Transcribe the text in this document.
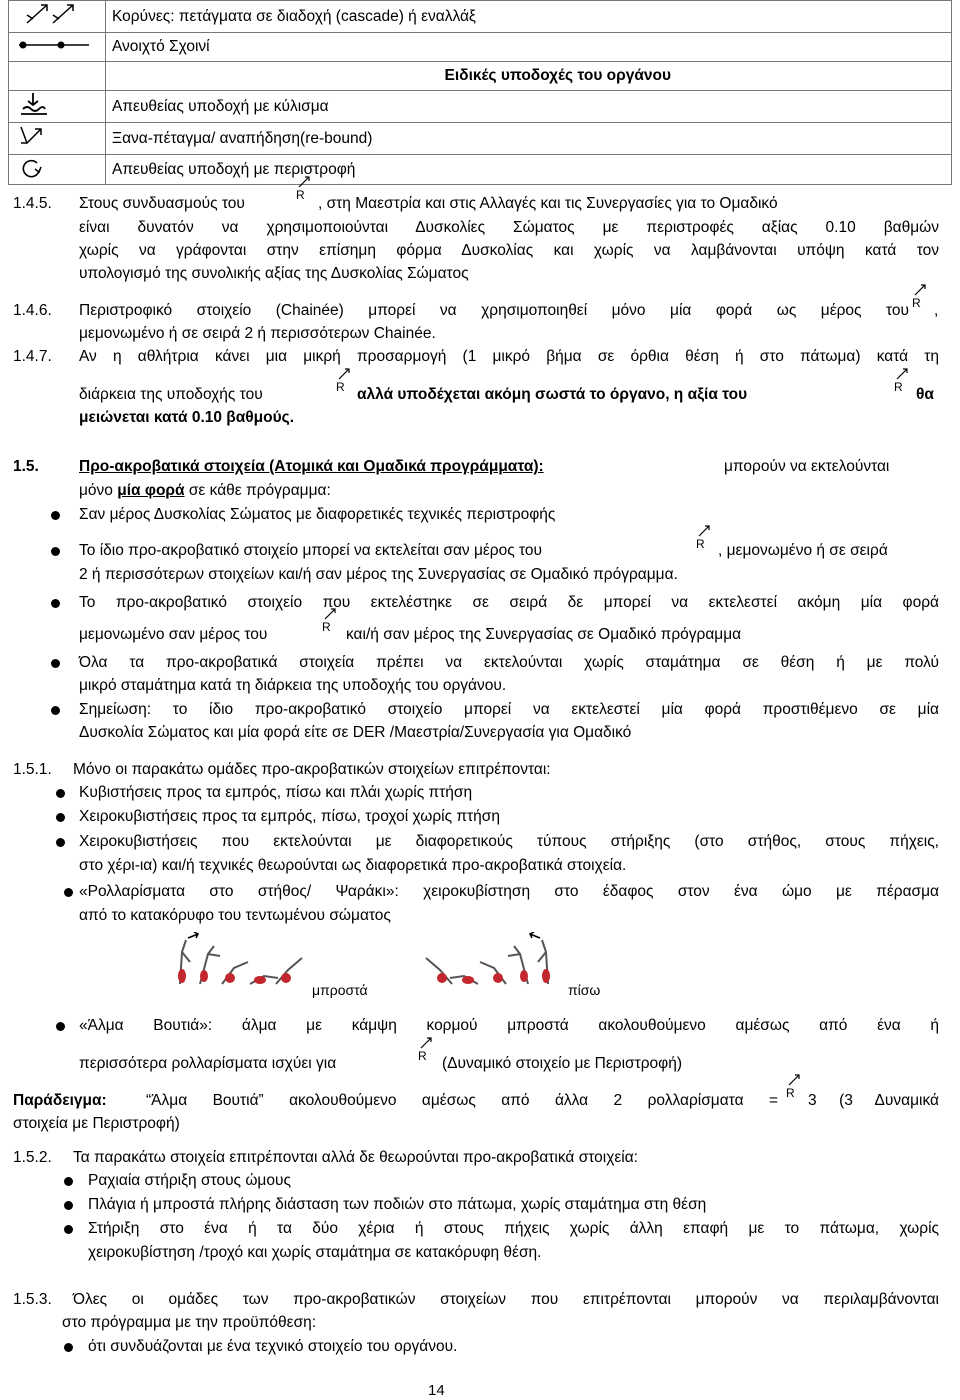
	Κορύνες: πετάγματα σε διαδοχή (cascade) ή εναλλάξ
	Ανοιχτό Σχοινί
	Ειδικές υποδοχές του οργάνου
	Απευθείας υποδοχή με κύλισμα
	Ξανα-πέταγμα/ αναπήδηση(re-bound)
	Απευθείας υποδοχή με περιστροφή
1.4.5. Στους συνδυασμούς του	, στη Μαεστρία και στις Αλλαγές και τις Συνεργασίες για το Ομαδικό
είναι δυνατόν να χρησιμοποιούνται Δυσκολίες Σώματος με περιστροφές αξίας 0.10 βαθμών
χωρίς να γράφονται στην επίσημη φόρμα Δυσκολίας και χωρίς να λαμβάνονται υπόψη κατά τον
υπολογισμό της συνολικής αξίας της Δυσκολίας Σώματος
1.4.6. Περιστροφικό στοιχείο (Chainée) μπορεί να χρησιμοποιηθεί μόνο μία φορά ως μέρος του ,
μεμονωμένο ή σε σειρά 2 ή περισσότερων Chainée.
1.4.7. Αν η αθλήτρια κάνει μια μικρή προσαρμογή (1 μικρό βήμα σε όρθια θέση ή στο πάτωμα) κατά τη
διάρκεια της υποδοχής του	αλλά υποδέχεται ακόμη σωστά το όργανο, η αξία του	θα
μειώνεται κατά 0.10 βαθμούς.
1.5.	Προ-ακροβατικά στοιχεία (Ατομικά και Ομαδικά προγράμματα):	μπορούν να εκτελούνται
μόνο μία φορά σε κάθε πρόγραμμα:
Σαν μέρος Δυσκολίας Σώματος με διαφορετικές τεχνικές περιστροφής
Το ίδιο προ-ακροβατικό στοιχείο μπορεί να εκτελείται σαν μέρος του	, μεμονωμένο ή σε σειρά
2 ή περισσότερων στοιχείων και/ή σαν μέρος της Συνεργασίας σε Ομαδικό πρόγραμμα.
Το προ-ακροβατικό στοιχείο που εκτελέστηκε σε σειρά δε μπορεί να εκτελεστεί ακόμη μία φορά
μεμονωμένο σαν μέρος του	και/ή σαν μέρος της Συνεργασίας σε Ομαδικό πρόγραμμα
Όλα τα προ-ακροβατικά στοιχεία πρέπει να εκτελούνται χωρίς σταμάτημα σε θέση ή με πολύ
μικρό σταμάτημα κατά τη διάρκεια της υποδοχής του οργάνου.
Σημείωση: το ίδιο προ-ακροβατικό στοιχείο μπορεί να εκτελεστεί μία φορά προστιθέμενο σε μία
Δυσκολία Σώματος και μία φορά είτε σε DER /Μαεστρία/Συνεργασία για Ομαδικό
1.5.1. Μόνο οι παρακάτω ομάδες προ-ακροβατικών στοιχείων επιτρέπονται:
Κυβιστήσεις προς τα εμπρός, πίσω και πλάι χωρίς πτήση
Χειροκυβιστήσεις προς τα εμπρός, πίσω, τροχοί χωρίς πτήση
Χειροκυβιστήσεις που εκτελούνται με διαφορετικούς τύπους στήριξης (στο στήθος, στους πήχεις,
στο χέρι-ια) και/ή τεχνικές θεωρούνται ως διαφορετικά προ-ακροβατικά στοιχεία.
«Ρολλαρίσματα στο στήθος/ Ψαράκι»: χειροκυβίστηση στο έδαφος στον ένα ώμο με πέρασμα
από το κατακόρυφο του τεντωμένου σώματος
μπροστά	πίσω
«Άλμα Βουτιά»: άλμα με κάμψη κορμού μπροστά ακολουθούμενο αμέσως από ένα ή
περισσότερα ρολλαρίσματα ισχύει για	(Δυναμικό στοιχείο με Περιστροφή)
Παράδειγμα:	“Άλμα Βουτιά” ακολουθούμενο αμέσως από άλλα 2 ρολλαρίσματα = 3 (3 Δυναμικά
στοιχεία με Περιστροφή)
1.5.2. Τα παρακάτω στοιχεία επιτρέπονται αλλά δε θεωρούνται προ-ακροβατικά στοιχεία:
Ραχιαία στήριξη στους ώμους
Πλάγια ή μπροστά πλήρης διάσταση των ποδιών στο πάτωμα, χωρίς σταμάτημα στη θέση
Στήριξη στο ένα ή τα δύο χέρια ή στους πήχεις χωρίς άλλη επαφή με το πάτωμα, χωρίς
χειροκυβίστηση /τροχό και χωρίς σταμάτημα σε κατακόρυφη θέση.
1.5.3. Όλες οι ομάδες των προ-ακροβατικών στοιχείων που επιτρέπονται μπορούν να περιλαμβάνονται
στο πρόγραμμα με την προϋπόθεση:
ότι συνδυάζονται με ένα τεχνικό στοιχείο του οργάνου.
14
